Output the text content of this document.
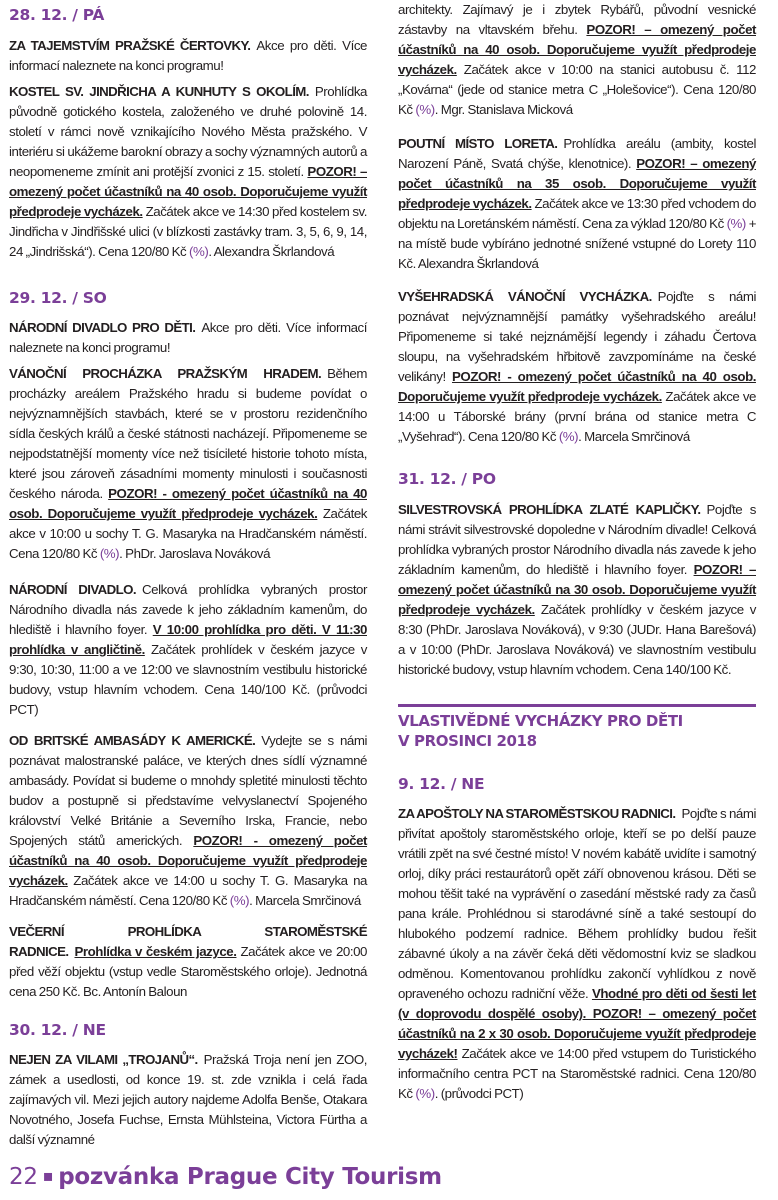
28. 12. / PÁ

ZA TAJEMSTVÍM PRAŽSKÉ ČERTOVKY. Akce pro děti. Více informací naleznete na konci programu!

KOSTEL SV. JINDŘICHA A KUNHUTY S OKOLÍM. Prohlídka původně gotického kostela, založeného ve druhé polovině 14. století v rámci nově vznikajícího Nového Města pražského. V interiéru si ukážeme barokní obrazy a sochy významných autorů a neopomeneme zmínit ani protější zvonici z 15. století. POZOR! – omezený počet účastníků na 40 osob. Doporučujeme využít předprodeje vycházek. Začátek akce ve 14:30 před kostelem sv. Jindřicha v Jindřišské ulici (v blízkosti zastávky tram. 3, 5, 6, 9, 14, 24 „Jindrišská“). Cena 120/80 Kč (%). Alexandra Škrlandová

29. 12. / SO

NÁRODNÍ DIVADLO PRO DĚTI. Akce pro děti. Více informací naleznete na konci programu!

VÁNOČNÍ PROCHÁZKA PRAŽSKÝM HRADEM. Během procházky areálem Pražského hradu si budeme povídat o nejvýznamnějších stavbách, které se v prostoru rezidenčního sídla českých králů a české státnosti nacházejí. Připomeneme se nejpodstatnější momenty více než tisícileté historie tohoto místa, které jsou zároveň zásadními momenty minulosti i současnosti českého národa. POZOR! - omezený počet účastníků na 40 osob. Doporučujeme využít předprodeje vycházek. Začátek akce v 10:00 u sochy T. G. Masaryka na Hradčanském náměstí. Cena 120/80 Kč (%). PhDr. Jaroslava Nováková

NÁRODNÍ DIVADLO. Celková prohlídka vybraných prostor Národního divadla nás zavede k jeho základním kamenům, do hlediště i hlavního foyer. V 10:00 prohlídka pro děti. V 11:30 prohlídka v angličtině. Začátek prohlídek v českém jazyce v 9:30, 10:30, 11:00 a ve 12:00 ve slavnostním vestibulu historické budovy, vstup hlavním vchodem. Cena 140/100 Kč. (průvodci PCT)

OD BRITSKÉ AMBASÁDY K AMERICKÉ. Vydejte se s námi poznávat malostranské paláce, ve kterých dnes sídlí významné ambasády. Povídat si budeme o mnohdy spletité minulosti těchto budov a postupně si představíme velvyslanectví Spojeného království Velké Británie a Severního Irska, Francie, nebo Spojených států amerických. POZOR! - omezený počet účastníků na 40 osob. Doporučujeme využít předprodeje vycházek. Začátek akce ve 14:00 u sochy T. G. Masaryka na Hradčanském náměstí. Cena 120/80 Kč (%). Marcela Smrčinová

VEČERNÍ PROHLÍDKA STAROMĚSTSKÉ RADNICE. Prohlídka v českém jazyce. Začátek akce ve 20:00 před věží objektu (vstup vedle Staroměstského orloje). Jednotná cena 250 Kč. Bc. Antonín Baloun

30. 12. / NE

NEJEN ZA VILAMI „TROJANŮ“. Pražská Troja není jen ZOO, zámek a usedlosti, od konce 19. st. zde vznikla i celá řada zajímavých vil. Mezi jejich autory najdeme Adolfa Benše, Otakara Novotného, Josefa Fuchse, Ernsta Mühlsteina, Victora Fürtha a další významné

architekty. Zajímavý je i zbytek Rybářů, původní vesnické zástavby na vltavském břehu. POZOR! – omezený počet účastníků na 40 osob. Doporučujeme využít předprodeje vycházek. Začátek akce v 10:00 na stanici autobusu č. 112 „Kovárna“ (jede od stanice metra C „Holešovice“). Cena 120/80 Kč (%). Mgr. Stanislava Micková

POUTNÍ MÍSTO LORETA. Prohlídka areálu (ambity, kostel Narození Páně, Svatá chýše, klenotnice). POZOR! – omezený počet účastníků na 35 osob. Doporučujeme využít předprodeje vycházek. Začátek akce ve 13:30 před vchodem do objektu na Loretánském náměstí. Cena za výklad 120/80 Kč (%) + na místě bude vybíráno jednotné snížené vstupné do Lorety 110 Kč. Alexandra Škrlandová

VYŠEHRADSKÁ VÁNOČNÍ VYCHÁZKA. Pojďte s námi poznávat nejvýznamnější památky vyšehradského areálu! Připomeneme si také nejznámější legendy i záhadu Čertova sloupu, na vyšehradském hřbitově zavzpomínáme na české velikány! POZOR! - omezený počet účastníků na 40 osob. Doporučujeme využít předprodeje vycházek. Začátek akce ve 14:00 u Táborské brány (první brána od stanice metra C „Vyšehrad“). Cena 120/80 Kč (%). Marcela Smrčinová

31. 12. / PO

SILVESTROVSKÁ PROHLÍDKA ZLATÉ KAPLIČKY. Pojďte s námi strávit silvestrovské dopoledne v Národním divadle! Celková prohlídka vybraných prostor Národního divadla nás zavede k jeho základním kamenům, do hlediště i hlavního foyer. POZOR! – omezený počet účastníků na 30 osob. Doporučujeme využít předprodeje vycházek. Začátek prohlídky v českém jazyce v 8:30 (PhDr. Jaroslava Nováková), v 9:30 (JUDr. Hana Barešová) a v 10:00 (PhDr. Jaroslava Nováková) ve slavnostním vestibulu historické budovy, vstup hlavním vchodem. Cena 140/100 Kč.

VLASTIVĚDNÉ VYCHÁZKY PRO DĚTI
V PROSINCI 2018
9. 12. / NE

ZA APOŠTOLY NA STAROMĚSTSKOU RADNICI. Pojďte s námi přivítat apoštoly staroměstského orloje, kteří se po delší pauze vrátili zpět na své čestné místo! V novém kabátě uvidíte i samotný orloj, díky práci restaurátorů opět září obnovenou krásou. Děti se mohou těšit také na vyprávění o zasedání městské rady za časů pana krále. Prohlédnou si starodávné síně a také sestoupí do hlubokého podzemí radnice. Během prohlídky budou řešit zábavné úkoly a na závěr čeká děti vědomostní kviz se sladkou odměnou. Komentovanou prohlídku zakončí vyhlídkou z nově opraveného ochozu radniční věže. Vhodné pro děti od šesti let (v doprovodu dospělé osoby). POZOR! – omezený počet účastníků na 2 x 30 osob. Doporučujeme využít předprodeje vycházek! Začátek akce ve 14:00 před vstupem do Turistického informačního centra PCT na Staroměstské radnici. Cena 120/80 Kč (%). (průvodci PCT)

22 ▪ pozvánka Prague City Tourism
